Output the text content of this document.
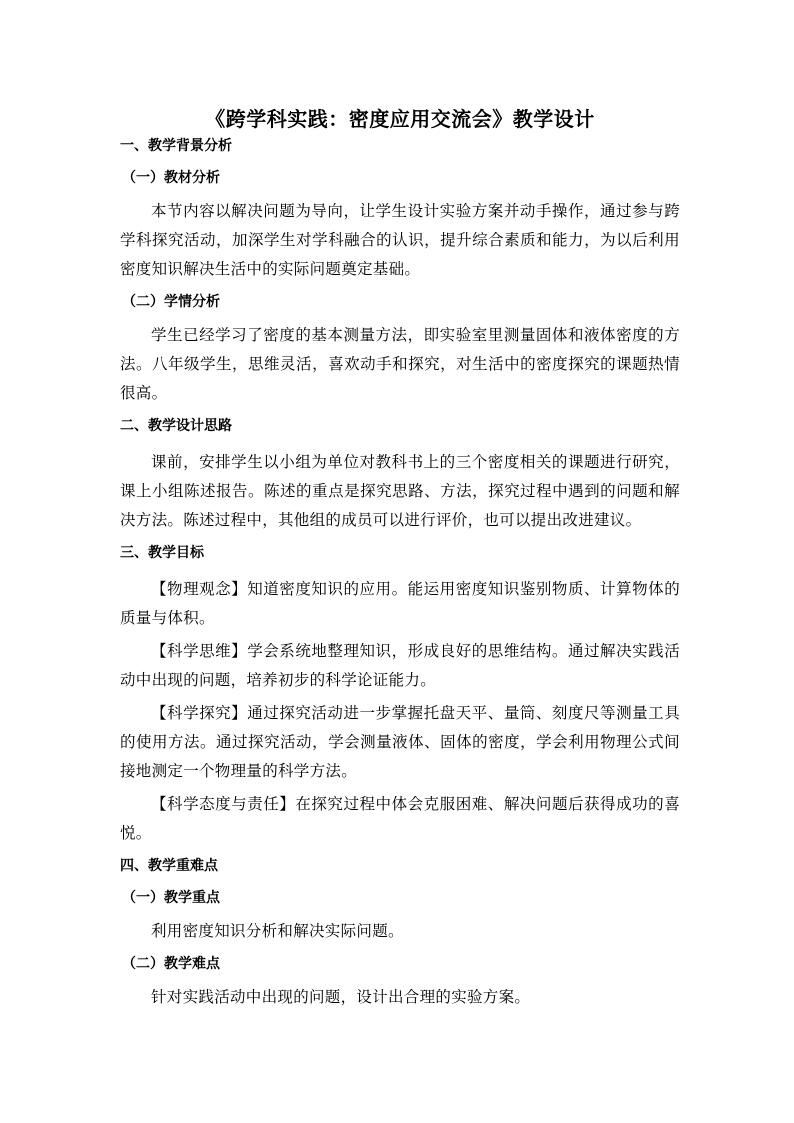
《跨学科实践：密度应用交流会》教学设计
一、教学背景分析
（一）教材分析

本节内容以解决问题为导向，让学生设计实验方案并动手操作，通过参与跨学科探究活动，加深学生对学科融合的认识，提升综合素质和能力，为以后利用密度知识解决生活中的实际问题奠定基础。

（二）学情分析

学生已经学习了密度的基本测量方法，即实验室里测量固体和液体密度的方法。八年级学生，思维灵活，喜欢动手和探究，对生活中的密度探究的课题热情很高。

二、教学设计思路

课前，安排学生以小组为单位对教科书上的三个密度相关的课题进行研究，课上小组陈述报告。陈述的重点是探究思路、方法，探究过程中遇到的问题和解决方法。陈述过程中，其他组的成员可以进行评价，也可以提出改进建议。

三、教学目标

【物理观念】知道密度知识的应用。能运用密度知识鉴别物质、计算物体的质量与体积。

【科学思维】学会系统地整理知识，形成良好的思维结构。通过解决实践活动中出现的问题，培养初步的科学论证能力。

【科学探究】通过探究活动进一步掌握托盘天平、量筒、刻度尺等测量工具的使用方法。通过探究活动，学会测量液体、固体的密度，学会利用物理公式间接地测定一个物理量的科学方法。

【科学态度与责任】在探究过程中体会克服困难、解决问题后获得成功的喜悦。

四、教学重难点
（一）教学重点

利用密度知识分析和解决实际问题。

（二）教学难点

针对实践活动中出现的问题，设计出合理的实验方案。
